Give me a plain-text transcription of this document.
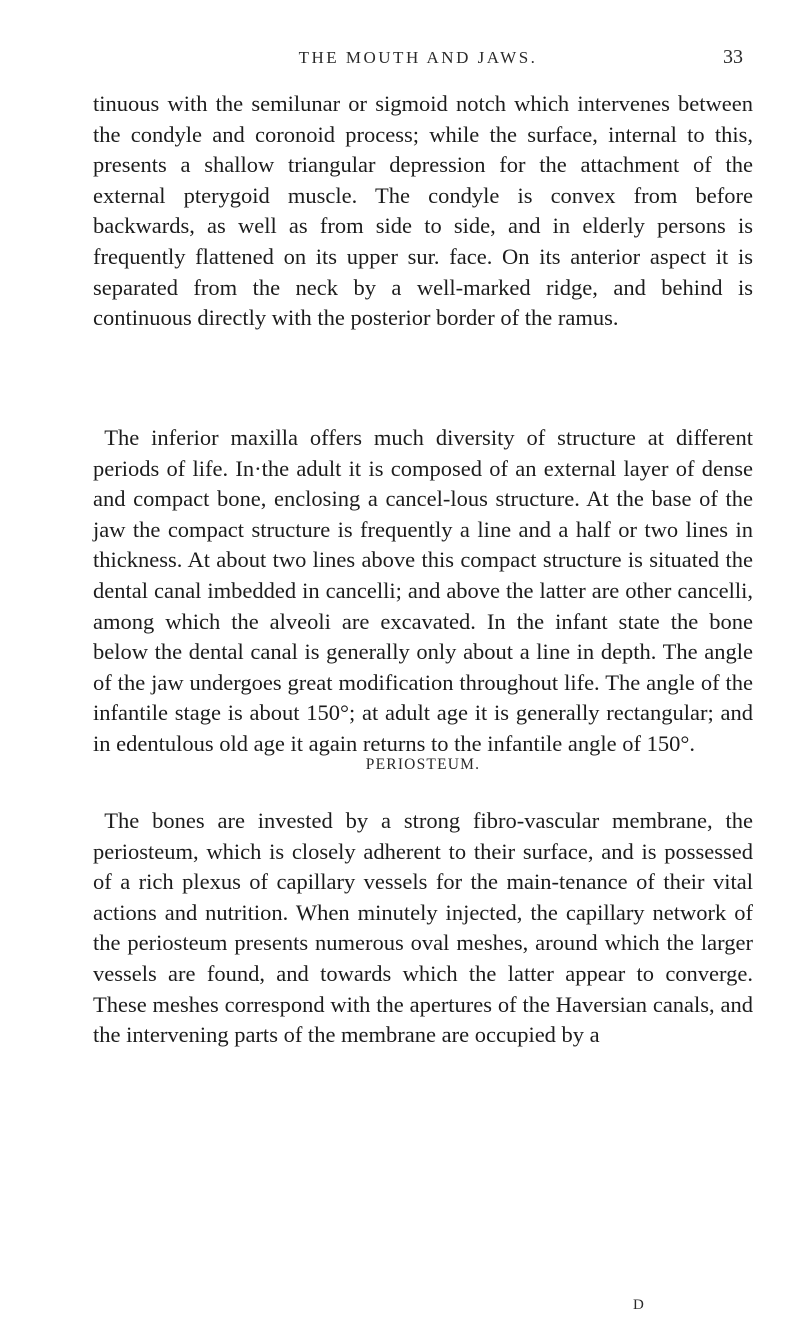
THE MOUTH AND JAWS.	33

tinuous with the semilunar or sigmoid notch which intervenes between the condyle and coronoid process; while the surface, internal to this, presents a shallow triangular depression for the attachment of the external pterygoid muscle. The condyle is convex from before backwards, as well as from side to side, and in elderly persons is frequently flattened on its upper sur. face. On its anterior aspect it is separated from the neck by a well-marked ridge, and behind is continuous directly with the posterior border of the ramus.

The inferior maxilla offers much diversity of structure at different periods of life. In·the adult it is composed of an external layer of dense and compact bone, enclosing a cancel-lous structure. At the base of the jaw the compact structure is frequently a line and a half or two lines in thickness. At about two lines above this compact structure is situated the dental canal imbedded in cancelli; and above the latter are other cancelli, among which the alveoli are excavated. In the infant state the bone below the dental canal is generally only about a line in depth. The angle of the jaw undergoes great modification throughout life. The angle of the infantile stage is about 150°; at adult age it is generally rectangular; and in edentulous old age it again returns to the infantile angle of 150°.

PERIOSTEUM.

The bones are invested by a strong fibro-vascular membrane, the periosteum, which is closely adherent to their surface, and is possessed of a rich plexus of capillary vessels for the main-tenance of their vital actions and nutrition. When minutely injected, the capillary network of the periosteum presents numerous oval meshes, around which the larger vessels are found, and towards which the latter appear to converge. These meshes correspond with the apertures of the Haversian canals, and the intervening parts of the membrane are occupied by a

D
